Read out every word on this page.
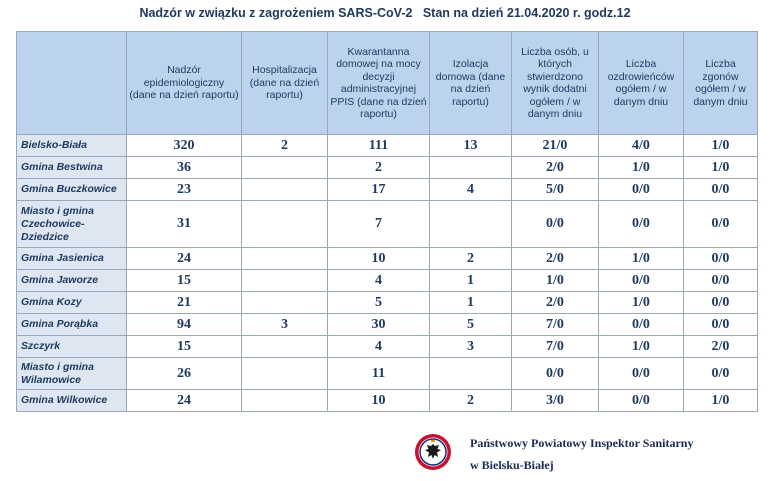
Nadzór w związku z zagrożeniem SARS-CoV-2   Stan na dzień 21.04.2020 r. godz.12
	Nadzór epidemiologiczny (dane na dzień raportu)	Hospitalizacja (dane na dzień raportu)	Kwarantanna domowej na mocy decyzji administracyjnej PPIS (dane na dzień raportu)	Izolacja domowa (dane na dzień raportu)	Liczba osób, u których stwierdzono wynik dodatni ogółem / w danym dniu	Liczba ozdrowieńców ogółem / w danym dniu	Liczba zgonów ogółem / w danym dniu
Bielsko-Biała	320	2	111	13	21/0	4/0	1/0
Gmina Bestwina	36		2		2/0	1/0	1/0
Gmina Buczkowice	23		17	4	5/0	0/0	0/0
Miasto i gmina Czechowice-Dziedzice	31		7		0/0	0/0	0/0
Gmina Jasienica	24		10	2	2/0	1/0	0/0
Gmina Jaworze	15		4	1	1/0	0/0	0/0
Gmina Kozy	21		5	1	2/0	1/0	0/0
Gmina Porąbka	94	3	30	5	7/0	0/0	0/0
Szczyrk	15		4	3	7/0	1/0	2/0
Miasto i gmina Wilamowice	26		11		0/0	0/0	0/0
Gmina Wilkowice	24		10	2	3/0	0/0	1/0
Państwowy Powiatowy Inspektor Sanitarny
w Bielsku-Białej
